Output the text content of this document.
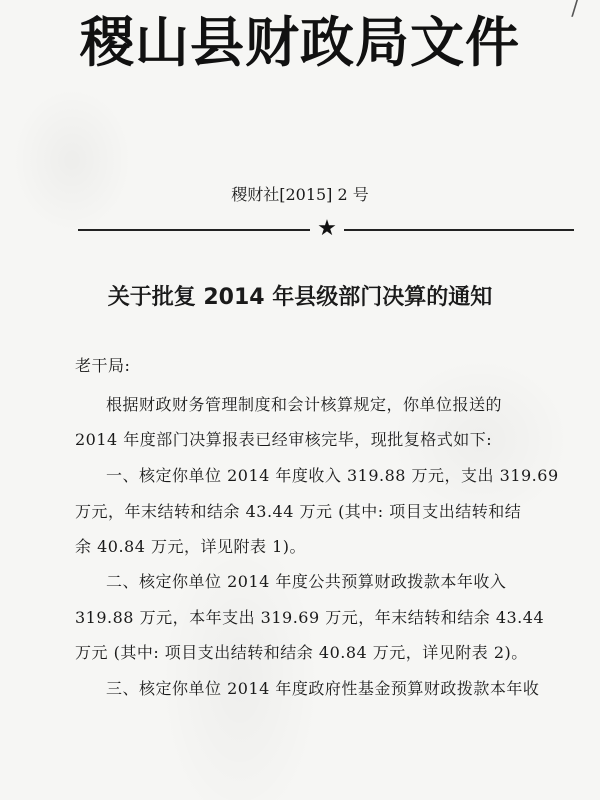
/
稷山县财政局文件
稷财社[2015] 2 号
★
关于批复 2014 年县级部门决算的通知
老干局:
根据财政财务管理制度和会计核算规定，你单位报送的
2014 年度部门决算报表已经审核完毕，现批复格式如下:
一、核定你单位 2014 年度收入 319.88 万元，支出 319.69
万元，年末结转和结余 43.44 万元 (其中: 项目支出结转和结
余 40.84 万元，详见附表 1)。
二、核定你单位 2014 年度公共预算财政拨款本年收入
319.88 万元，本年支出 319.69 万元，年末结转和结余 43.44
万元 (其中: 项目支出结转和结余 40.84 万元，详见附表 2)。
三、核定你单位 2014 年度政府性基金预算财政拨款本年收
